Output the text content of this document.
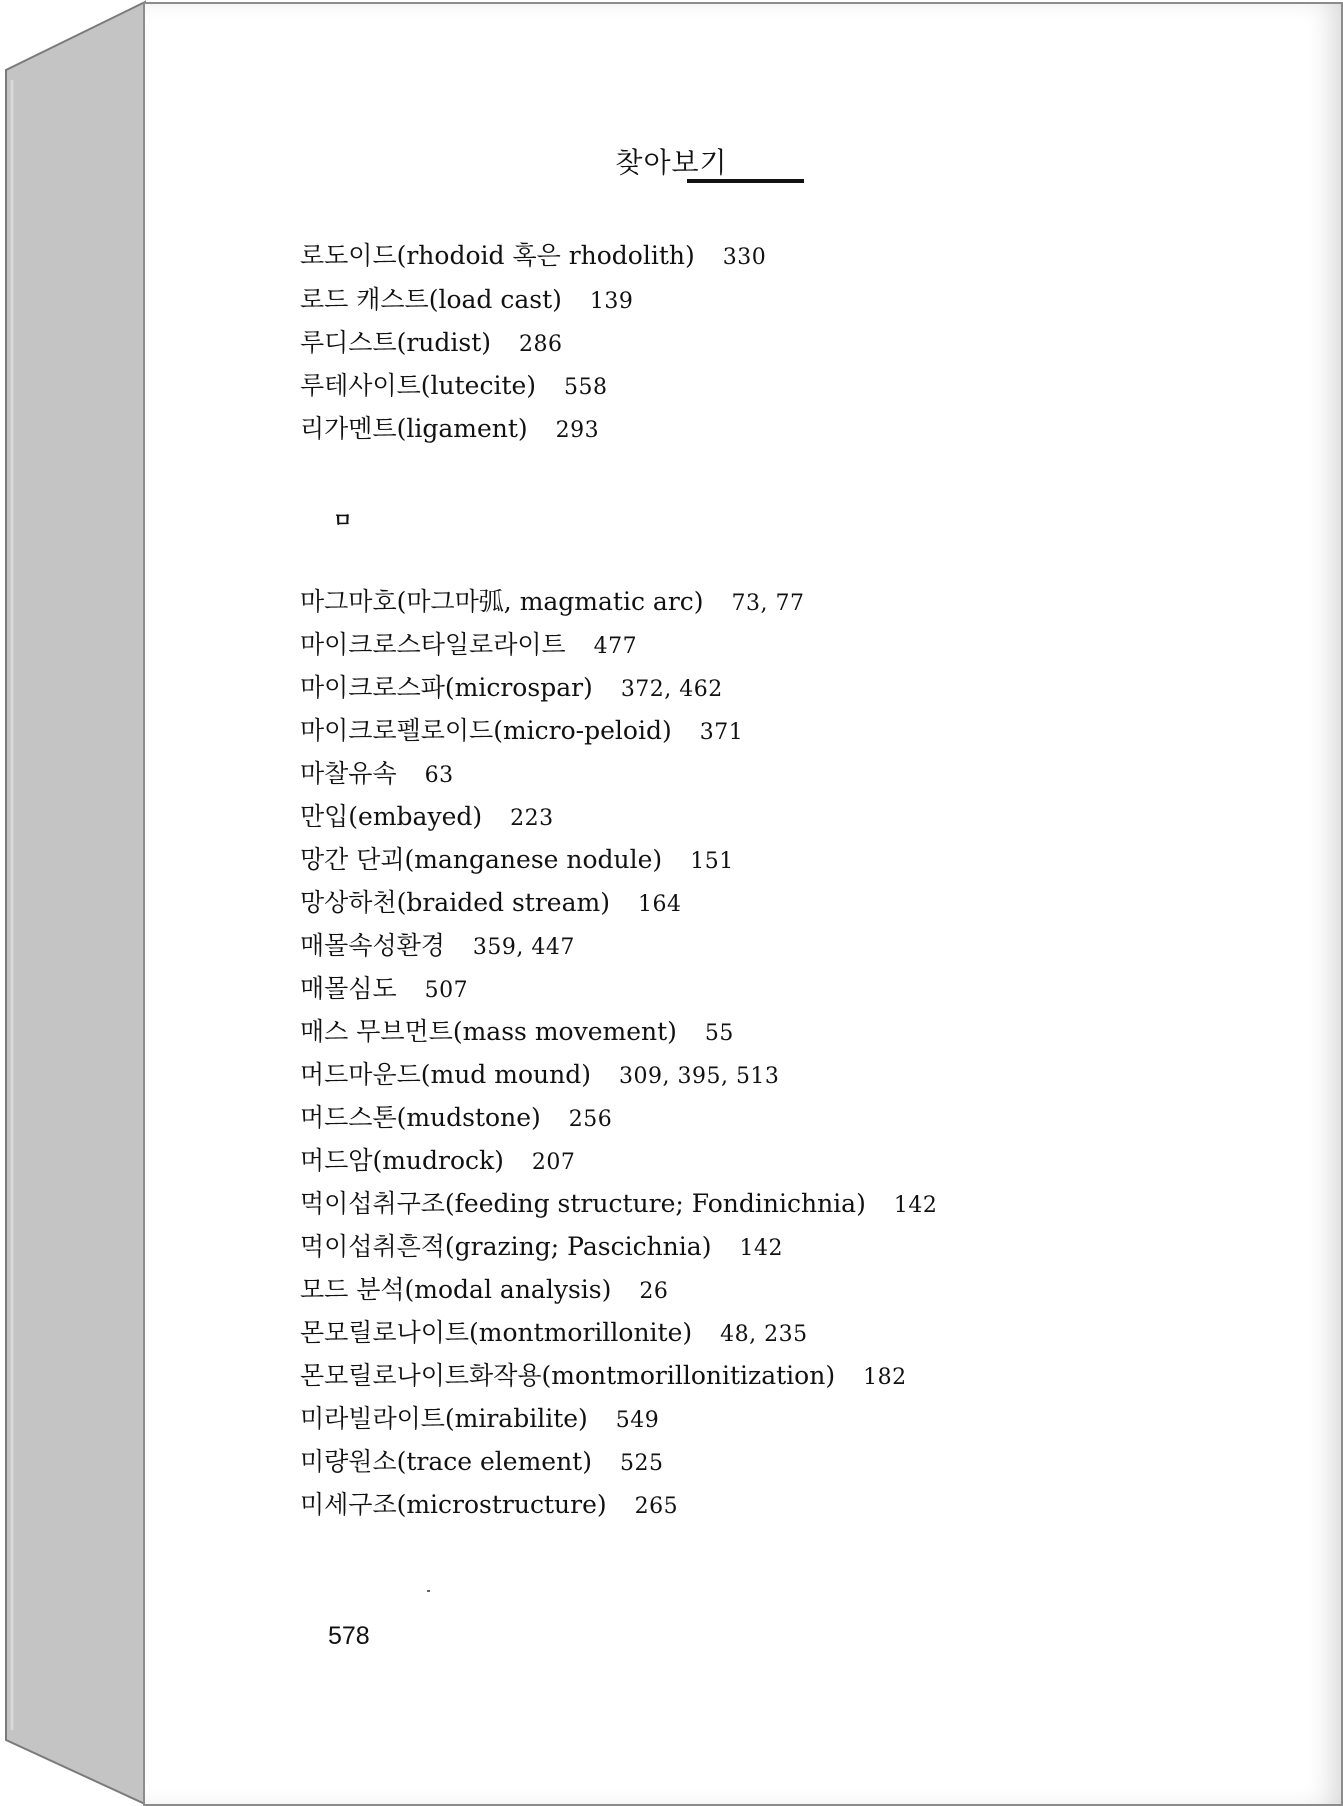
찾아보기
로도이드(rhodoid 혹은 rhodolith) 330
로드 캐스트(load cast) 139
루디스트(rudist) 286
루테사이트(lutecite) 558
리가멘트(ligament) 293
ㅁ
마그마호(마그마弧, magmatic arc) 73, 77
마이크로스타일로라이트 477
마이크로스파(microspar) 372, 462
마이크로펠로이드(micro-peloid) 371
마찰유속 63
만입(embayed) 223
망간 단괴(manganese nodule) 151
망상하천(braided stream) 164
매몰속성환경 359, 447
매몰심도 507
매스 무브먼트(mass movement) 55
머드마운드(mud mound) 309, 395, 513
머드스톤(mudstone) 256
머드암(mudrock) 207
먹이섭취구조(feeding structure; Fondinichnia) 142
먹이섭취흔적(grazing; Pascichnia) 142
모드 분석(modal analysis) 26
몬모릴로나이트(montmorillonite) 48, 235
몬모릴로나이트화작용(montmorillonitization) 182
미라빌라이트(mirabilite) 549
미량원소(trace element) 525
미세구조(microstructure) 265
578
